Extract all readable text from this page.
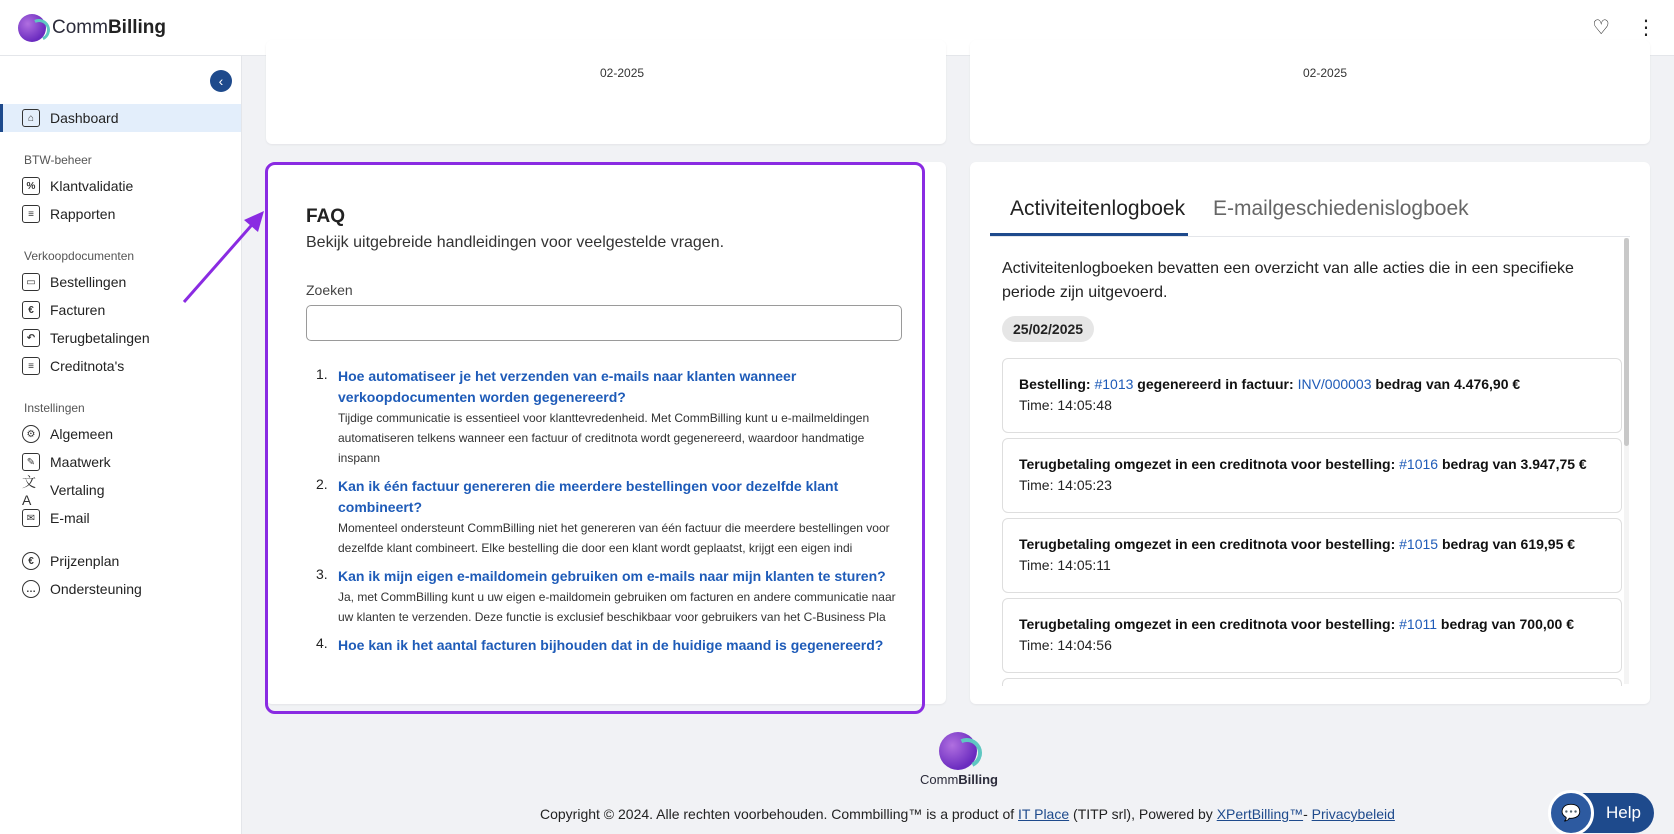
CommBilling	♡ ⋮
‹
⌂	Dashboard
BTW-beheer
%	Klantvalidatie
≡	Rapporten
Verkoopdocumenten
▭	Bestellingen
€	Facturen
↶	Terugbetalingen
≡	Creditnota's
Instellingen
⚙	Algemeen
✎	Maatwerk
文A
Vertaling
✉	E-mail
€	Prijzenplan
… Ondersteuning
02-2025	02-2025
FAQ
Bekijk uitgebreide handleidingen voor veelgestelde vragen.
Zoeken
1. Hoe automatiseer je het verzenden van e-mails naar klanten wanneer verkoopdocumenten worden gegenereerd?
Tijdige communicatie is essentieel voor klanttevredenheid. Met CommBilling kunt u e-mailmeldingen automatiseren telkens wanneer een factuur of creditnota wordt gegenereerd, waardoor handmatige inspann
2. Kan ik één factuur genereren die meerdere bestellingen voor dezelfde klant combineert?
Momenteel ondersteunt CommBilling niet het genereren van één factuur die meerdere bestellingen voor dezelfde klant combineert. Elke bestelling die door een klant wordt geplaatst, krijgt een eigen indi
3. Kan ik mijn eigen e-maildomein gebruiken om e-mails naar mijn klanten te sturen?
Ja, met CommBilling kunt u uw eigen e-maildomein gebruiken om facturen en andere communicatie naar uw klanten te verzenden. Deze functie is exclusief beschikbaar voor gebruikers van het C-Business Pla
4. Hoe kan ik het aantal facturen bijhouden dat in de huidige maand is gegenereerd?
Activiteitenlogboek E-mailgeschiedenislogboek
Activiteitenlogboeken bevatten een overzicht van alle acties die in een specifieke periode zijn uitgevoerd.
25/02/2025
Bestelling: #1013 gegenereerd in factuur: INV/000003 bedrag van 4.476,90 €
Time: 14:05:48
Terugbetaling omgezet in een creditnota voor bestelling: #1016 bedrag van 3.947,75 €
Time: 14:05:23
Terugbetaling omgezet in een creditnota voor bestelling: #1015 bedrag van 619,95 €
Time: 14:05:11
Terugbetaling omgezet in een creditnota voor bestelling: #1011 bedrag van 700,00 €
Time: 14:04:56
CommBilling
Copyright © 2024. Alle rechten voorbehouden. Commbilling™ is a product of IT Place (TITP srl), Powered by XPertBilling™- Privacybeleid	Help
💬
